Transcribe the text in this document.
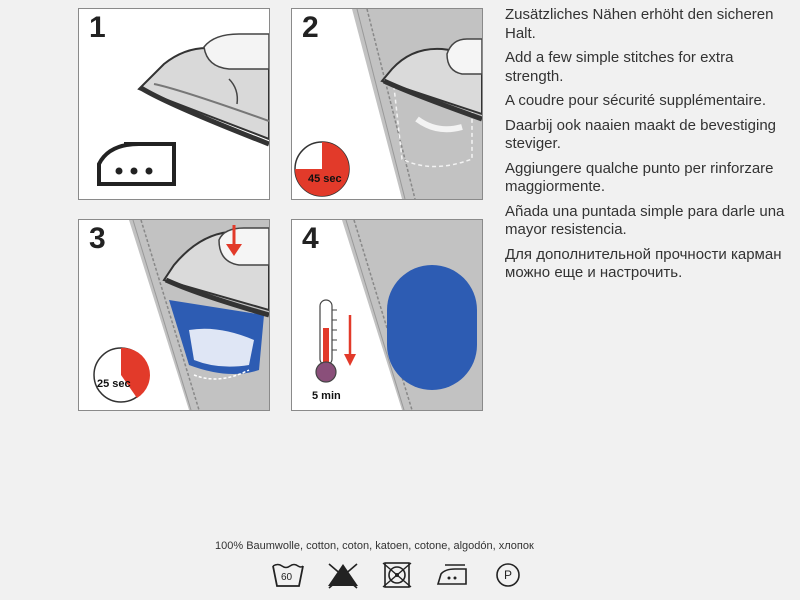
1	2
45 sec
3
25 sec
4
5 min

Zusätzliches Nähen erhöht den sicheren Halt.

Add a few simple stitches for extra strength.

A coudre pour sécurité supplémentaire.

Daarbij ook naaien maakt de bevestiging steviger.

Aggiungere qualche punto per rinforzare maggiormente.

Añada una puntada simple para darle una mayor resistencia.

Для дополнительной прочности карман можно еще и настрочить.

100% Baumwolle, cotton, coton, katoen, cotone, algodón, хлопок
60	P
